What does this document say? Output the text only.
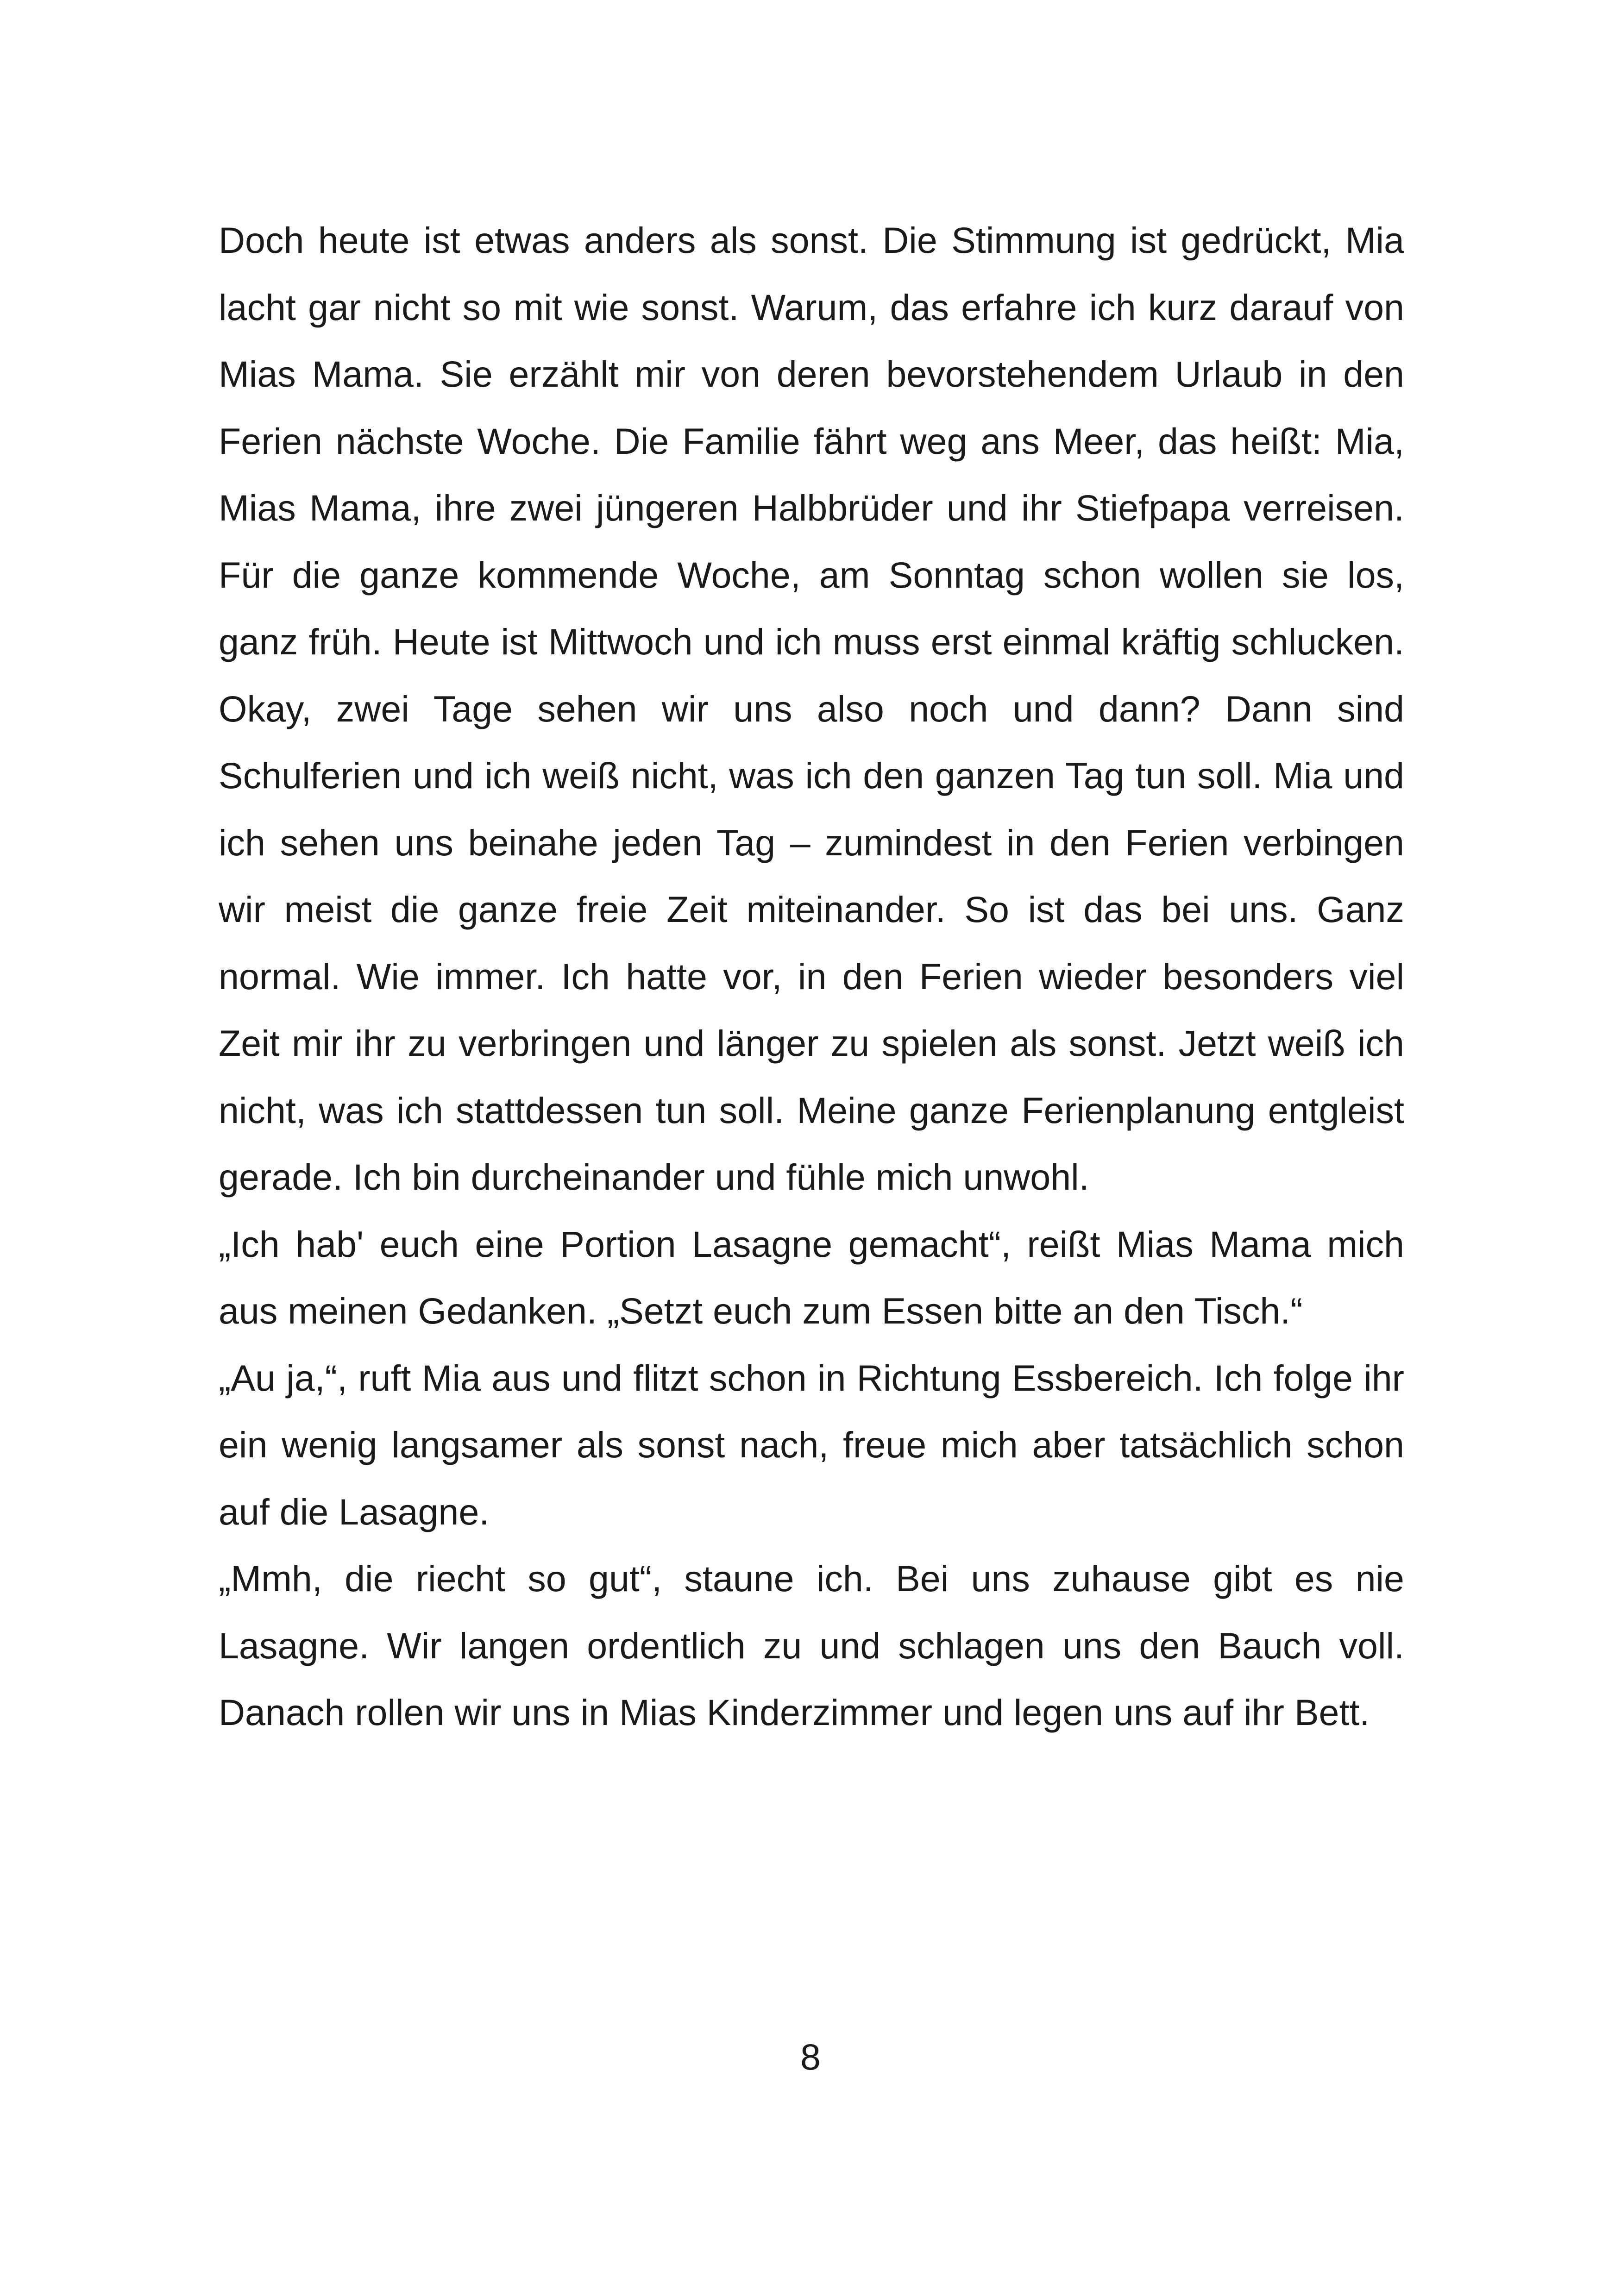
Doch heute ist etwas anders als sonst. Die Stimmung ist gedrückt, Mia lacht gar nicht so mit wie sonst. Warum, das erfahre ich kurz darauf von Mias Mama. Sie erzählt mir von deren bevorstehendem Urlaub in den Ferien nächste Woche. Die Familie fährt weg ans Meer, das heißt: Mia, Mias Mama, ihre zwei jüngeren Halbbrüder und ihr Stiefpapa verreisen. Für die ganze kommende Woche, am Sonntag schon wollen sie los, ganz früh. Heute ist Mittwoch und ich muss erst einmal kräftig schlucken. Okay, zwei Tage sehen wir uns also noch und dann? Dann sind Schulferien und ich weiß nicht, was ich den ganzen Tag tun soll. Mia und ich sehen uns beinahe jeden Tag – zumindest in den Ferien verbingen wir meist die ganze freie Zeit miteinander. So ist das bei uns. Ganz normal. Wie immer. Ich hatte vor, in den Ferien wieder besonders viel Zeit mir ihr zu verbringen und länger zu spielen als sonst. Jetzt weiß ich nicht, was ich stattdessen tun soll. Meine ganze Ferienplanung entgleist gerade. Ich bin durcheinander und fühle mich unwohl.

„Ich hab' euch eine Portion Lasagne gemacht“, reißt Mias Mama mich aus meinen Gedanken. „Setzt euch zum Essen bitte an den Tisch.“

„Au ja,“, ruft Mia aus und flitzt schon in Richtung Essbereich. Ich folge ihr ein wenig langsamer als sonst nach, freue mich aber tatsächlich schon auf die Lasagne.

„Mmh, die riecht so gut“, staune ich. Bei uns zuhause gibt es nie Lasagne. Wir langen ordentlich zu und schlagen uns den Bauch voll. Danach rollen wir uns in Mias Kinderzimmer und legen uns auf ihr Bett.

8
